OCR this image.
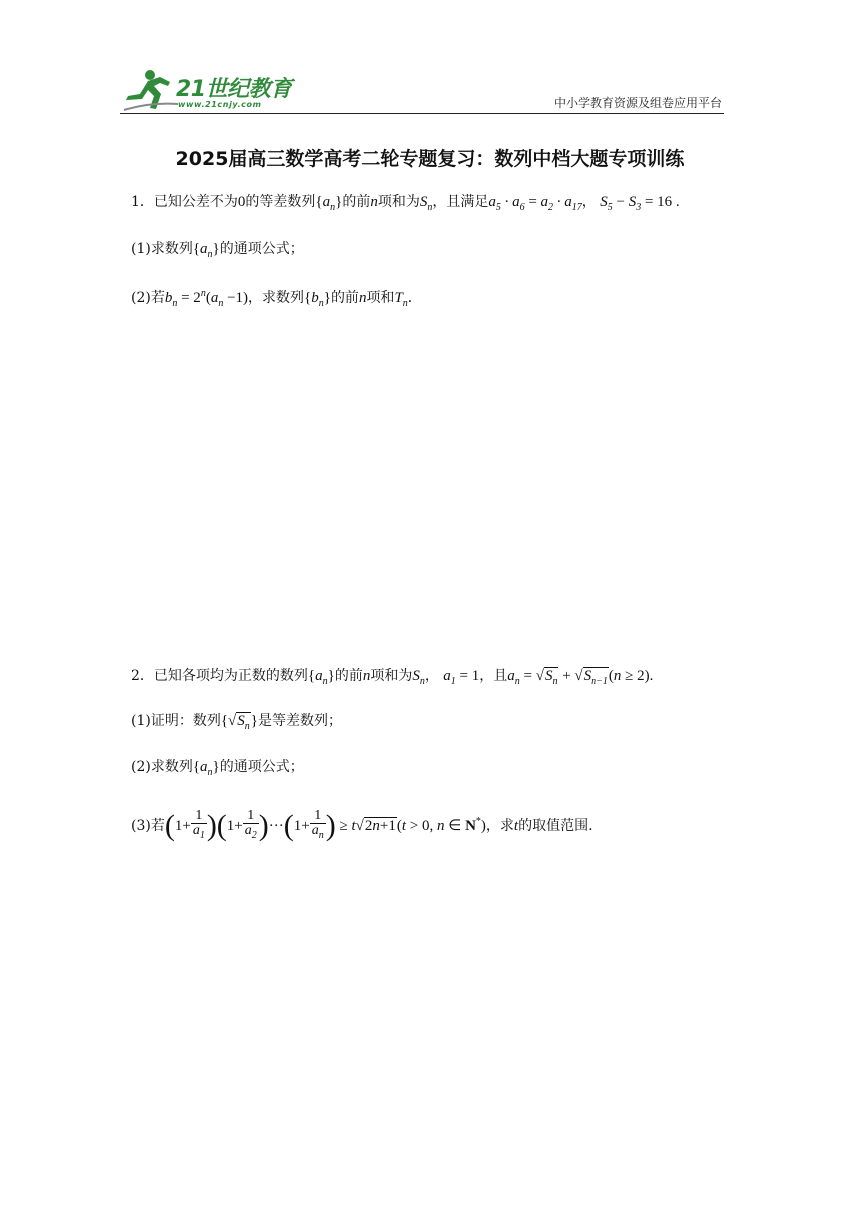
21世纪教育
www.21cnjy.com	中小学教育资源及组卷应用平台
2025届高三数学高考二轮专题复习：数列中档大题专项训练
1．已知公差不为0的等差数列$\{a_n\}$的前n项和为$S_n$，且满足$a_5 \cdot a_6 = a_2 \cdot a_{17}$， $S_5 - S_3 = 16$ .
(1)求数列$\{a_n\}$的通项公式；
(2)若$b_n = 2^n(a_n -1)$，求数列$\{b_n\}$的前n项和$T_n$．
2．已知各项均为正数的数列$\{a_n\}$的前n项和为$S_n$， $a_1 = 1$，且$a_n = √S_n + √S_{n-1}(n \ge 2)$.
(1)证明：数列$\{√S_n\}$是等差数列；
(2)求数列$\{a_n\}$的通项公式；
(3)若$(1+ \frac{1}{a_1} )(1+ \frac{1}{a_2} )\cdot\cdot\cdot(1+ \frac{1}{a_n}$ ) ≥ t√2n+1(t > 0, n ∈ N*)，求t的取值范围.
